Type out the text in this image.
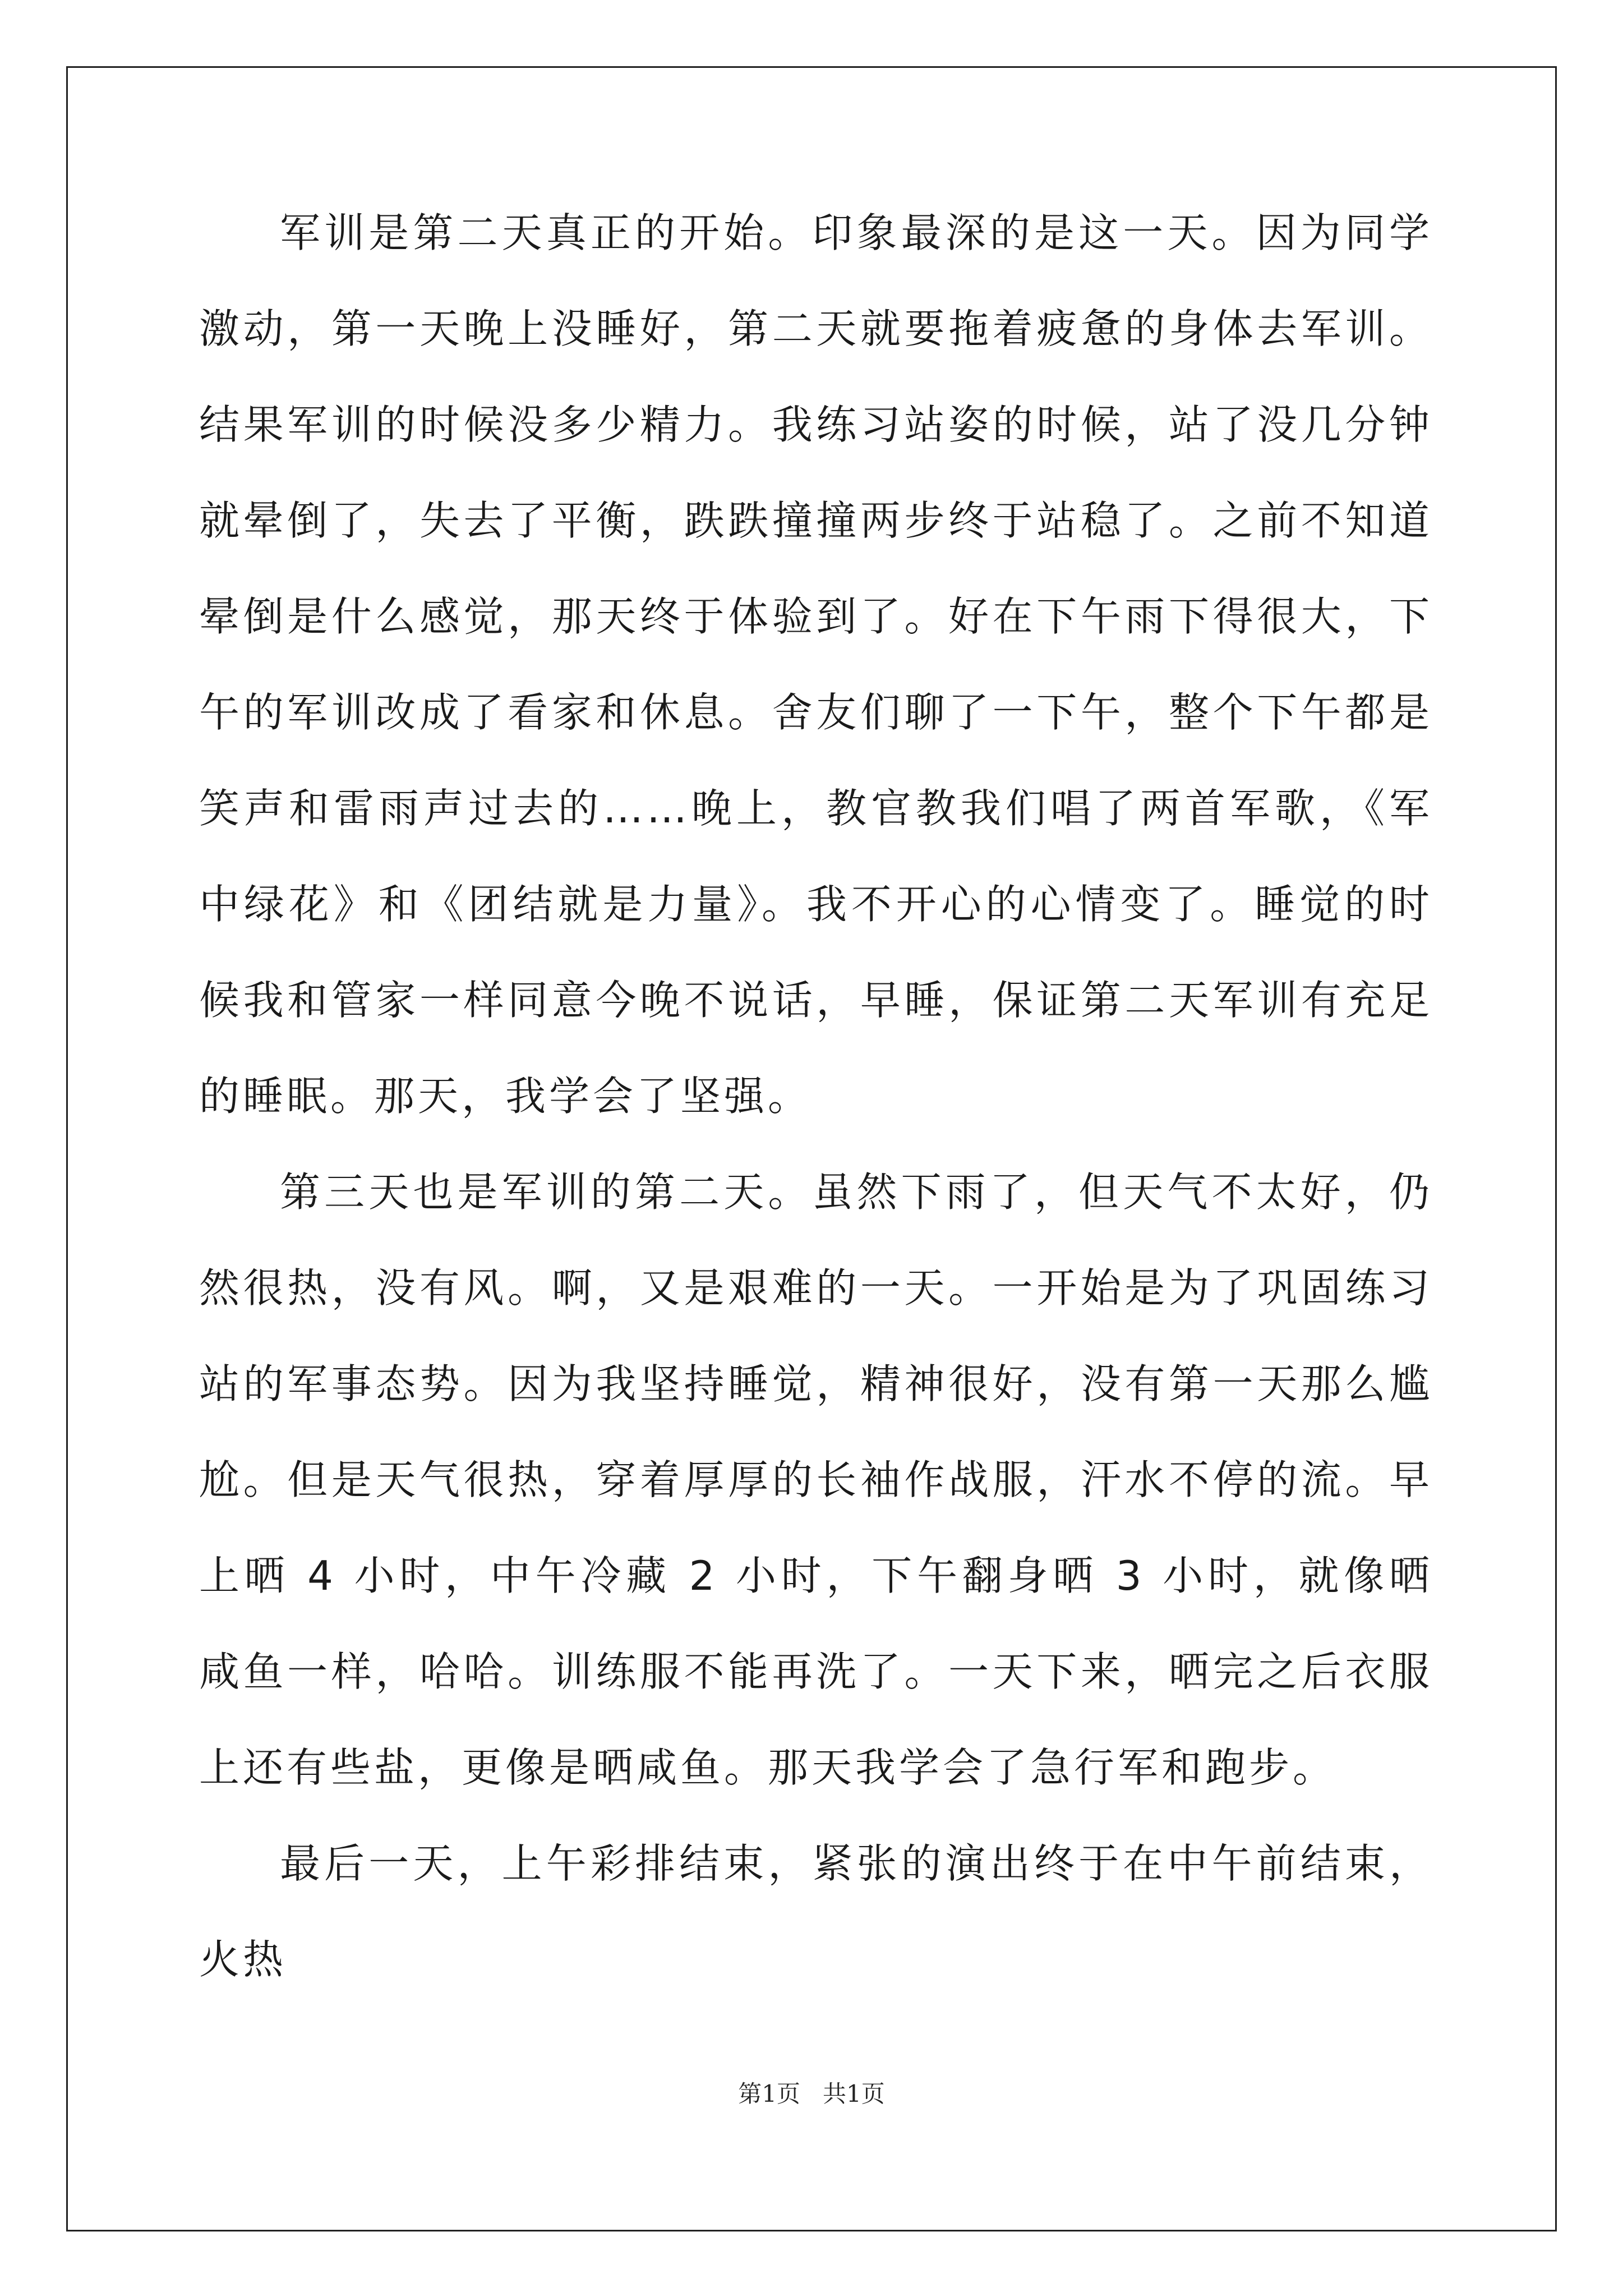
军训是第二天真正的开始。印象最深的是这一天。因为同学激动，第一天晚上没睡好，第二天就要拖着疲惫的身体去军训。结果军训的时候没多少精力。我练习站姿的时候，站了没几分钟就晕倒了，失去了平衡，跌跌撞撞两步终于站稳了。之前不知道晕倒是什么感觉，那天终于体验到了。好在下午雨下得很大，下午的军训改成了看家和休息。舍友们聊了一下午，整个下午都是笑声和雷雨声过去的……晚上，教官教我们唱了两首军歌，《军中绿花》和《团结就是力量》。我不开心的心情变了。睡觉的时候我和管家一样同意今晚不说话，早睡，保证第二天军训有充足的睡眠。那天，我学会了坚强。

第三天也是军训的第二天。虽然下雨了，但天气不太好，仍然很热，没有风。啊，又是艰难的一天。一开始是为了巩固练习站的军事态势。因为我坚持睡觉，精神很好，没有第一天那么尴尬。但是天气很热，穿着厚厚的长袖作战服，汗水不停的流。早上晒 4 小时，中午冷藏 2 小时，下午翻身晒 3 小时，就像晒咸鱼一样，哈哈。训练服不能再洗了。一天下来，晒完之后衣服上还有些盐，更像是晒咸鱼。那天我学会了急行军和跑步。

最后一天，上午彩排结束，紧张的演出终于在中午前结束，火热

第1页   共1页
